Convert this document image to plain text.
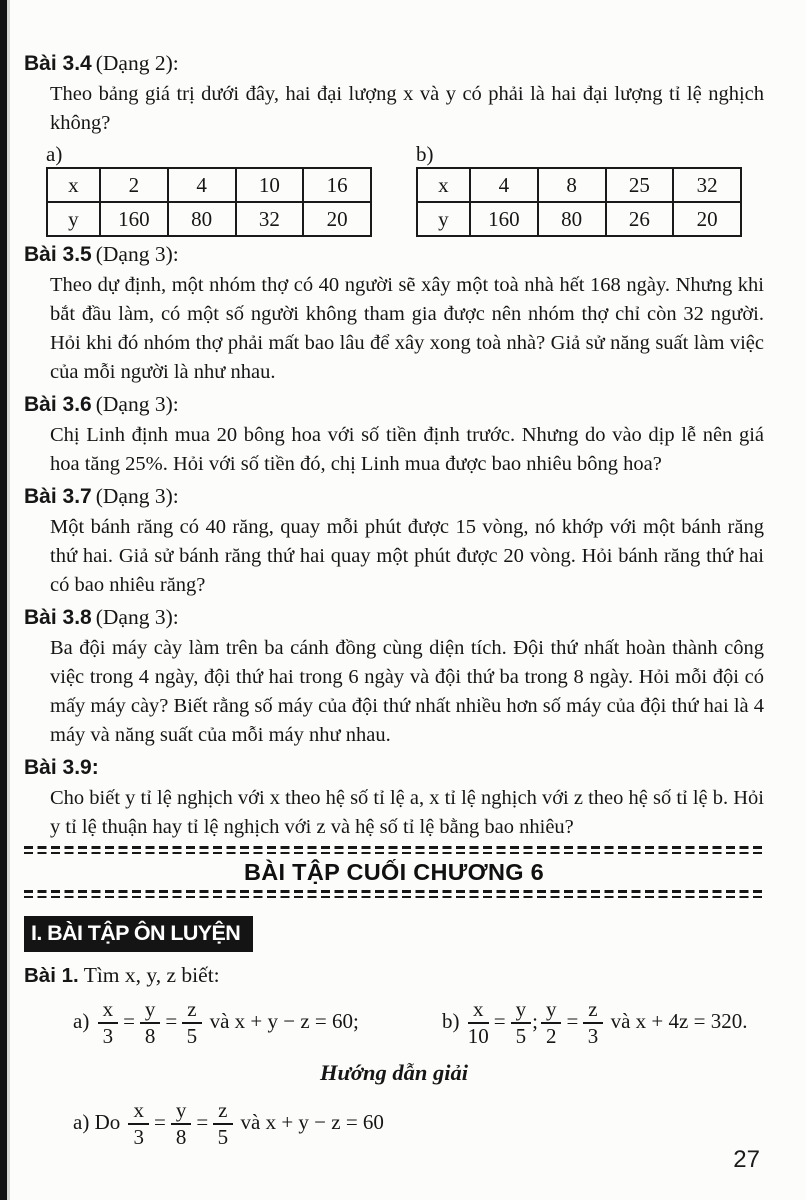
Bài 3.4 (Dạng 2):
Theo bảng giá trị dưới đây, hai đại lượng x và y có phải là hai đại lượng tỉ lệ nghịch không?
a)
x	2	4	10	16
y	160	80	32	20
b)
x	4	8	25	32
y	160	80	26	20
Bài 3.5 (Dạng 3):
Theo dự định, một nhóm thợ có 40 người sẽ xây một toà nhà hết 168 ngày. Nhưng khi bắt đầu làm, có một số người không tham gia được nên nhóm thợ chỉ còn 32 người. Hỏi khi đó nhóm thợ phải mất bao lâu để xây xong toà nhà? Giả sử năng suất làm việc của mỗi người là như nhau.
Bài 3.6 (Dạng 3):
Chị Linh định mua 20 bông hoa với số tiền định trước. Nhưng do vào dịp lễ nên giá hoa tăng 25%. Hỏi với số tiền đó, chị Linh mua được bao nhiêu bông hoa?
Bài 3.7 (Dạng 3):
Một bánh răng có 40 răng, quay mỗi phút được 15 vòng, nó khớp với một bánh răng thứ hai. Giả sử bánh răng thứ hai quay một phút được 20 vòng. Hỏi bánh răng thứ hai có bao nhiêu răng?
Bài 3.8 (Dạng 3):
Ba đội máy cày làm trên ba cánh đồng cùng diện tích. Đội thứ nhất hoàn thành công việc trong 4 ngày, đội thứ hai trong 6 ngày và đội thứ ba trong 8 ngày. Hỏi mỗi đội có mấy máy cày? Biết rằng số máy của đội thứ nhất nhiều hơn số máy của đội thứ hai là 4 máy và năng suất của mỗi máy như nhau.
Bài 3.9:
Cho biết y tỉ lệ nghịch với x theo hệ số tỉ lệ a, x tỉ lệ nghịch với z theo hệ số tỉ lệ b. Hỏi y tỉ lệ thuận hay tỉ lệ nghịch với z và hệ số tỉ lệ bằng bao nhiêu?
BÀI TẬP CUỐI CHƯƠNG 6
I. BÀI TẬP ÔN LUYỆN
Bài 1. Tìm x, y, z biết:
$a) \frac{x}{3} = \frac{y}{8} = \frac{z}{5}$ và x + y − z = 60;	$b) \frac{x}{10} = \frac{y}{5}$ ; $\frac{y}{2} = \frac{z}{3}$ và x + 4z = 320.
Hướng dẫn giải
a) Do $\frac{x}{3} = \frac{y}{8} = \frac{z}{5}$ và x + y − z = 60
27
